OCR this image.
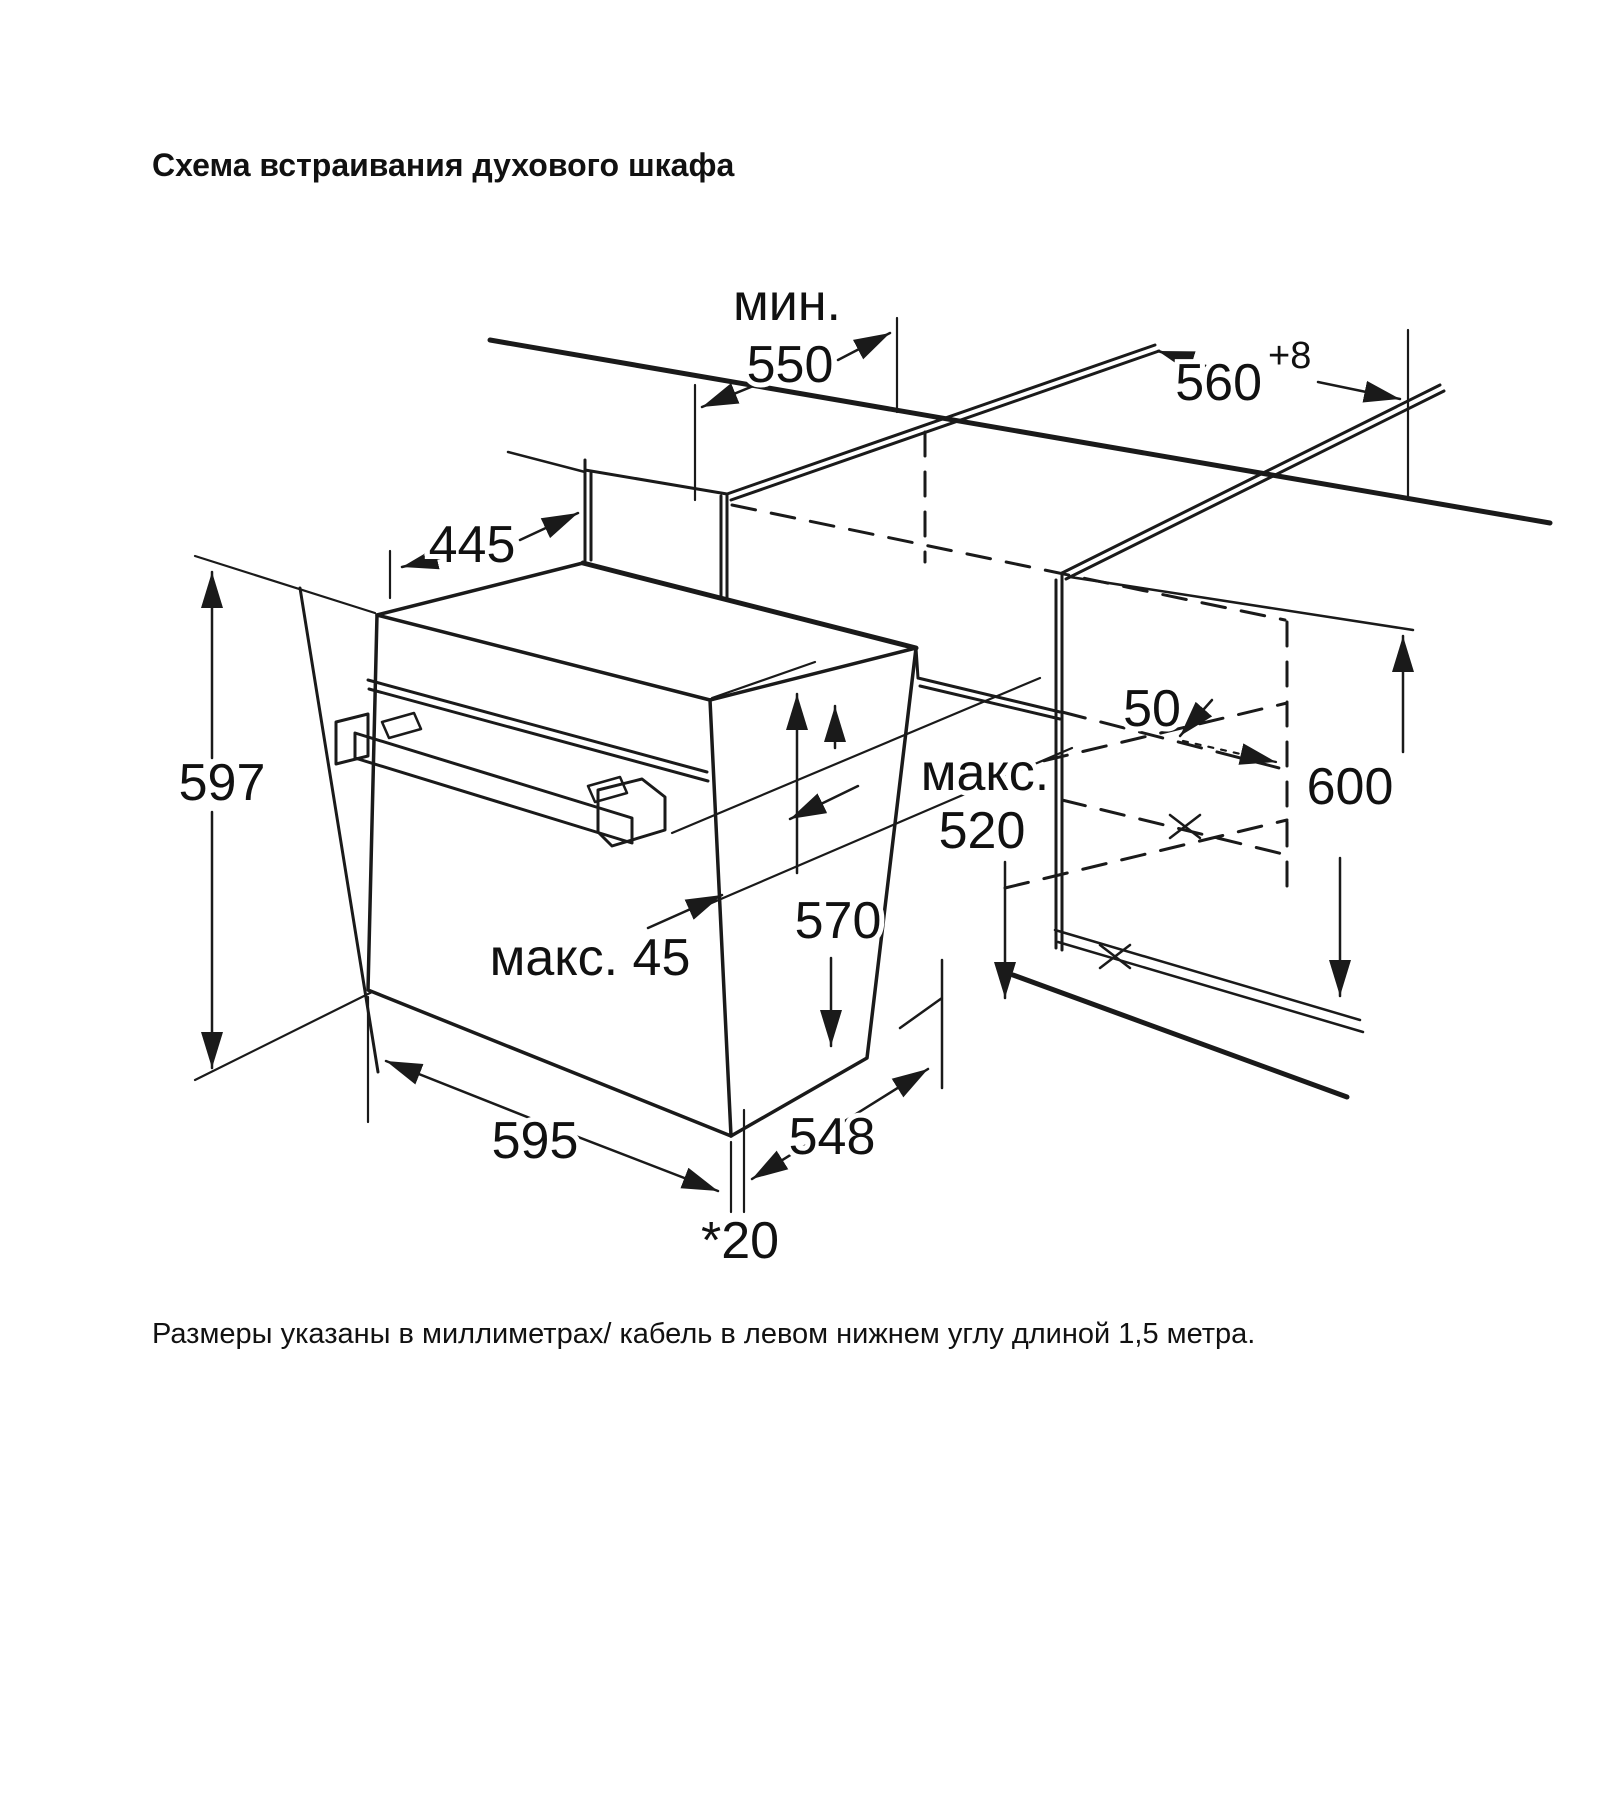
Схема встраивания духового шкафа
мин.
550	560 +8
445
597
570
макс. 45
макс.
520
50
600
595	548
*20
Размеры указаны в миллиметрах/ кабель в левом нижнем углу длиной 1,5 метра.
